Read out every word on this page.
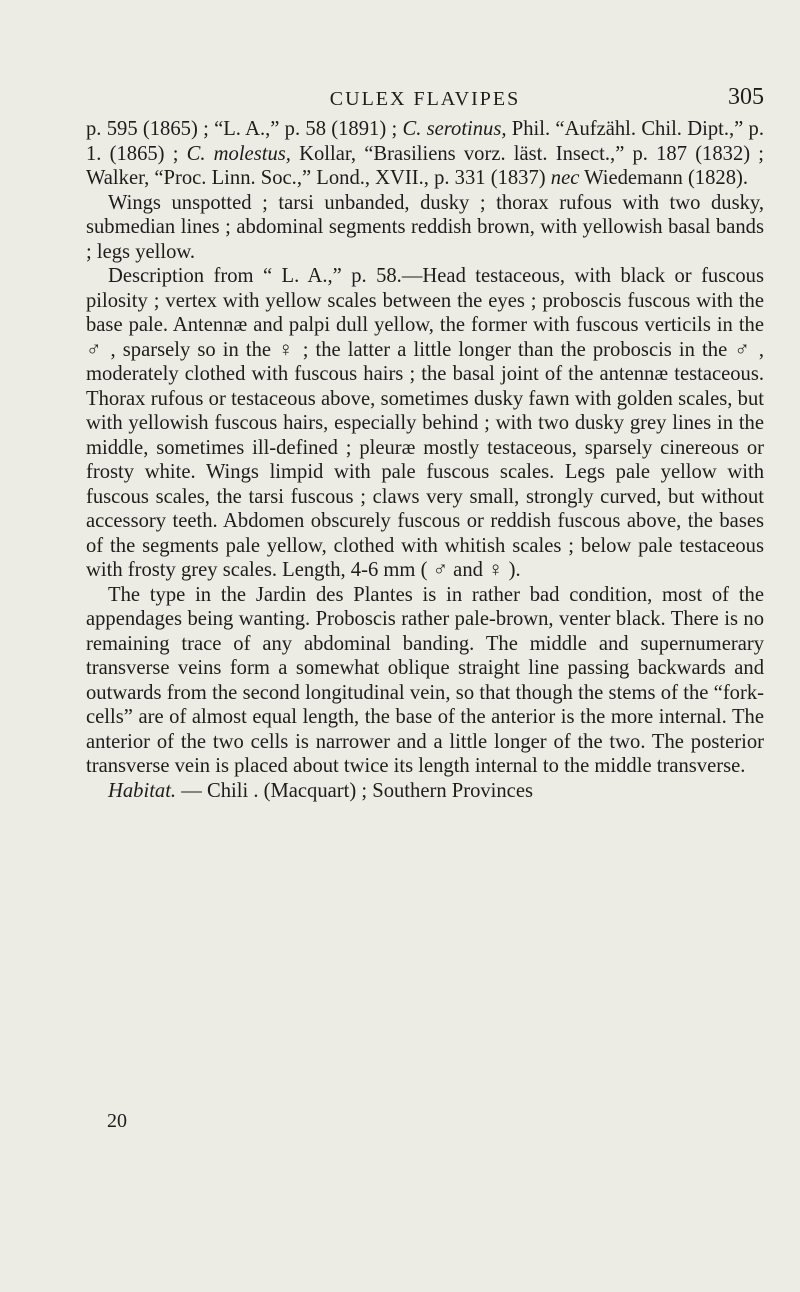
CULEX FLAVIPES	305

p. 595 (1865) ; “L. A.,” p. 58 (1891) ; C. serotinus, Phil. “Aufzähl. Chil. Dipt.,” p. 1. (1865) ; C. molestus, Kollar, “Brasiliens vorz. läst. Insect.,” p. 187 (1832) ; Walker, “Proc. Linn. Soc.,” Lond., XVII., p. 331 (1837) nec Wiedemann (1828).

Wings unspotted ; tarsi unbanded, dusky ; thorax rufous with two dusky, submedian lines ; abdominal segments reddish brown, with yellowish basal bands ; legs yellow.

Description from “ L. A.,” p. 58.—Head testaceous, with black or fuscous pilosity ; vertex with yellow scales between the eyes ; proboscis fuscous with the base pale. Antennæ and palpi dull yellow, the former with fuscous verticils in the ♂ , sparsely so in the ♀ ; the latter a little longer than the proboscis in the ♂ , moderately clothed with fuscous hairs ; the basal joint of the antennæ testaceous. Thorax rufous or testaceous above, sometimes dusky fawn with golden scales, but with yellowish fuscous hairs, especially behind ; with two dusky grey lines in the middle, sometimes ill-defined ; pleuræ mostly testaceous, sparsely cinereous or frosty white. Wings limpid with pale fuscous scales. Legs pale yellow with fuscous scales, the tarsi fuscous ; claws very small, strongly curved, but without accessory teeth. Abdomen obscurely fuscous or reddish fuscous above, the bases of the segments pale yellow, clothed with whitish scales ; below pale testaceous with frosty grey scales. Length, 4-6 mm ( ♂ and ♀ ).

The type in the Jardin des Plantes is in rather bad condition, most of the appendages being wanting. Proboscis rather pale-brown, venter black. There is no remaining trace of any abdominal banding. The middle and supernumerary transverse veins form a somewhat oblique straight line passing backwards and outwards from the second longitudinal vein, so that though the stems of the “fork-cells” are of almost equal length, the base of the anterior is the more internal. The anterior of the two cells is narrower and a little longer of the two. The posterior transverse vein is placed about twice its length internal to the middle transverse.

Habitat. — Chili . (Macquart) ; Southern Provinces

20
